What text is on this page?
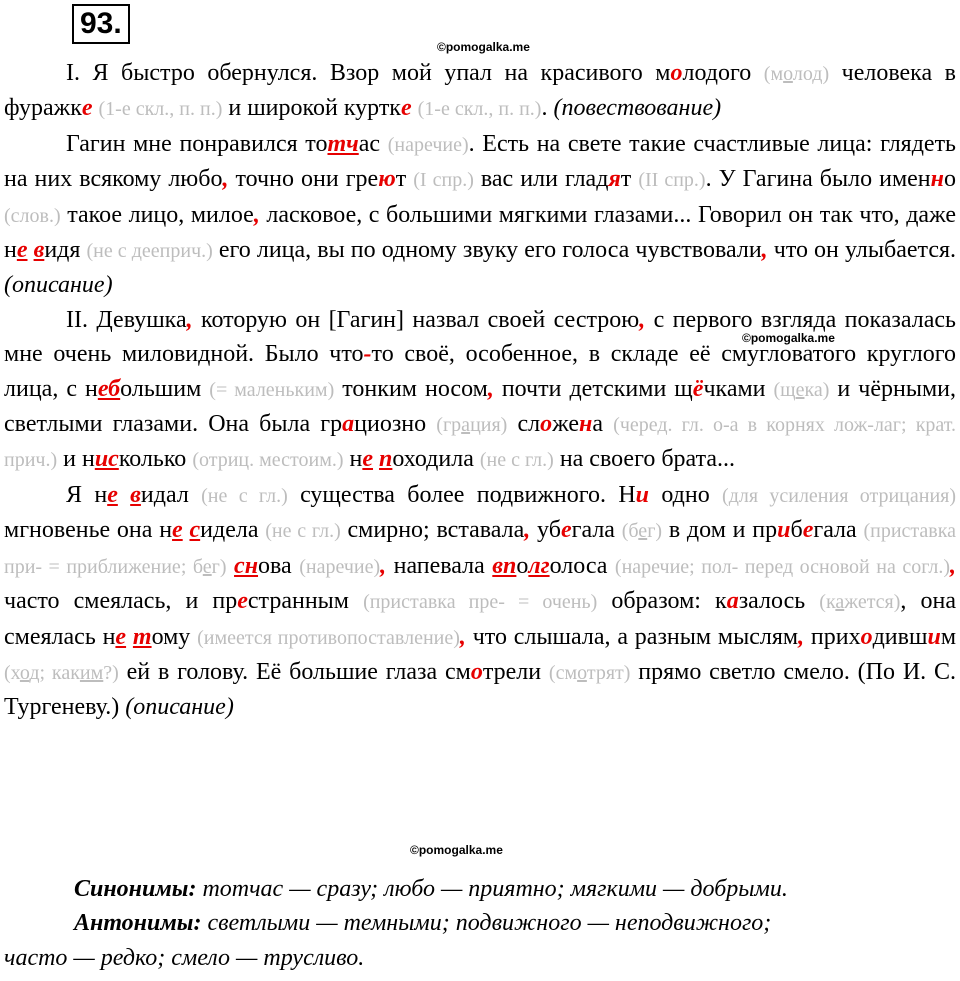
93.
©pomogalka.me
©pomogalka.me
©pomogalka.me

I. Я быстро обернулся. Взор мой упал на красивого молодого (молод) человека в фуражке (1-е скл., п. п.) и широкой куртке (1-е скл., п. п.). (повествование)

Гагин мне понравился тотчас (наречие). Есть на свете такие счастливые лица: глядеть на них всякому любо, точно они греют (I спр.) вас или гладят (II спр.). У Гагина было именно (слов.) такое лицо, милое, ласковое, с большими мягкими глазами... Говорил он так что, даже не видя (не с дееприч.) его лица, вы по одному звуку его голоса чувствовали, что он улыбается. (описание)

II. Девушка, которую он [Гагин] назвал своей сестрою, с первого взгляда показалась мне очень миловидной. Было что-то своё, особенное, в складе её смугловатого круглого лица, с небольшим (= маленьким) тонким носом, почти детскими щёчками (щека) и чёрными, светлыми глазами. Она была грациозно (грация) сложена (черед. гл. о-а в корнях лож-лаг; крат. прич.) и нисколько (отриц. местоим.) не походила (не с гл.) на своего брата...

Я не видал (не с гл.) существа более подвижного. Ни одно (для усиления отрицания) мгновенье она не сидела (не с гл.) смирно; вставала, убегала (бег) в дом и прибегала (приставка при- = приближение; бег) снова (наречие), напевала вполголоса (наречие; пол- перед основой на согл.), часто смеялась, и престранным (приставка пре- = очень) образом: казалось (кажется), она смеялась не тому (имеется противопоставление), что слышала, а разным мыслям, приходившим (ход; каким?) ей в голову. Её большие глаза смотрели (смотрят) прямо светло смело. (По И. С. Тургеневу.) (описание)

Синонимы: тотчас — сразу; любо — приятно; мягкими — добрыми.

Антонимы: светлыми — темными; подвижного — неподвижного;

часто — редко; смело — трусливо.
